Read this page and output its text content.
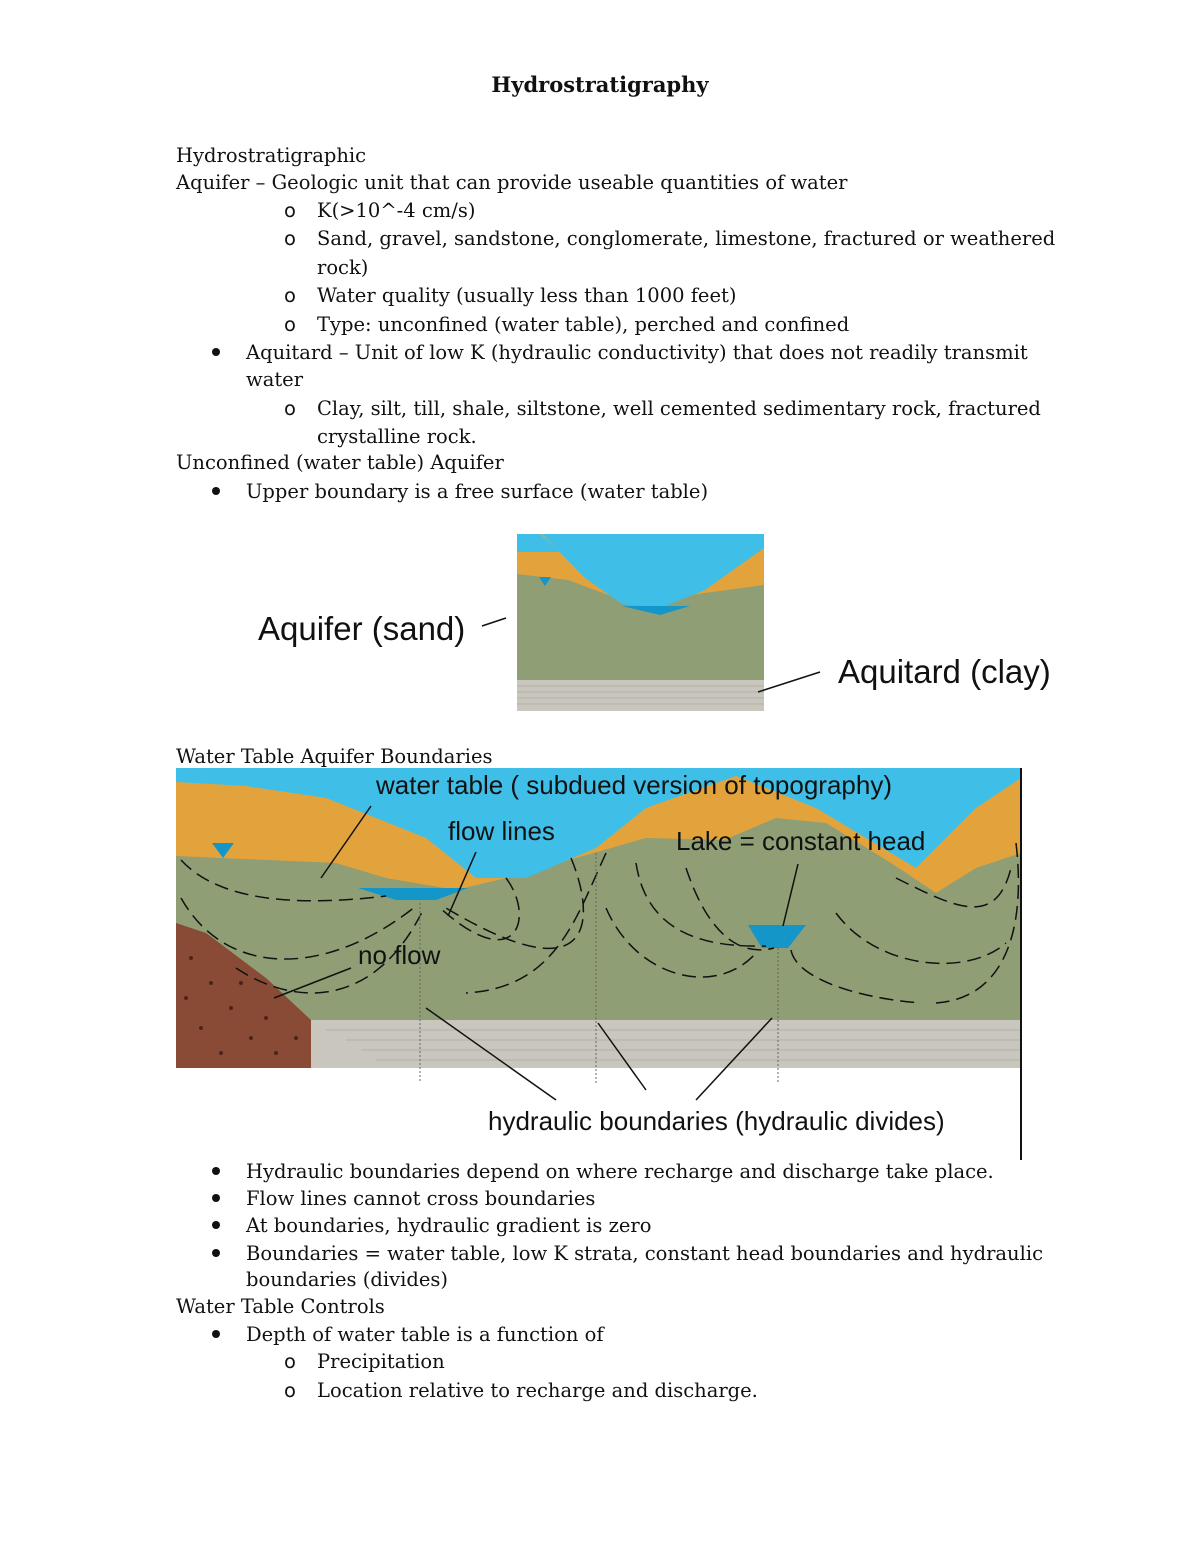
Hydrostratigraphy
Hydrostratigraphic
Aquifer – Geologic unit that can provide useable quantities of water
o K(>10^-4 cm/s)
o Sand, gravel, sandstone, conglomerate, limestone, fractured or weathered
rock)
o Water quality (usually less than 1000 feet)
o Type: unconfined (water table), perched and confined
Aquitard – Unit of low K (hydraulic conductivity) that does not readily transmit
water
o Clay, silt, till, shale, siltstone, well cemented sedimentary rock, fractured
crystalline rock.
Unconfined (water table) Aquifer
Upper boundary is a free surface (water table)
Aquifer (sand)
Aquitard (clay)
Water Table Aquifer Boundaries
water table ( subdued version of topography)
flow lines	Lake = constant head
no flow
hydraulic boundaries (hydraulic divides)
Hydraulic boundaries depend on where recharge and discharge take place.
Flow lines cannot cross boundaries
At boundaries, hydraulic gradient is zero
Boundaries = water table, low K strata, constant head boundaries and hydraulic
boundaries (divides)
Water Table Controls
Depth of water table is a function of
o Precipitation
o Location relative to recharge and discharge.
